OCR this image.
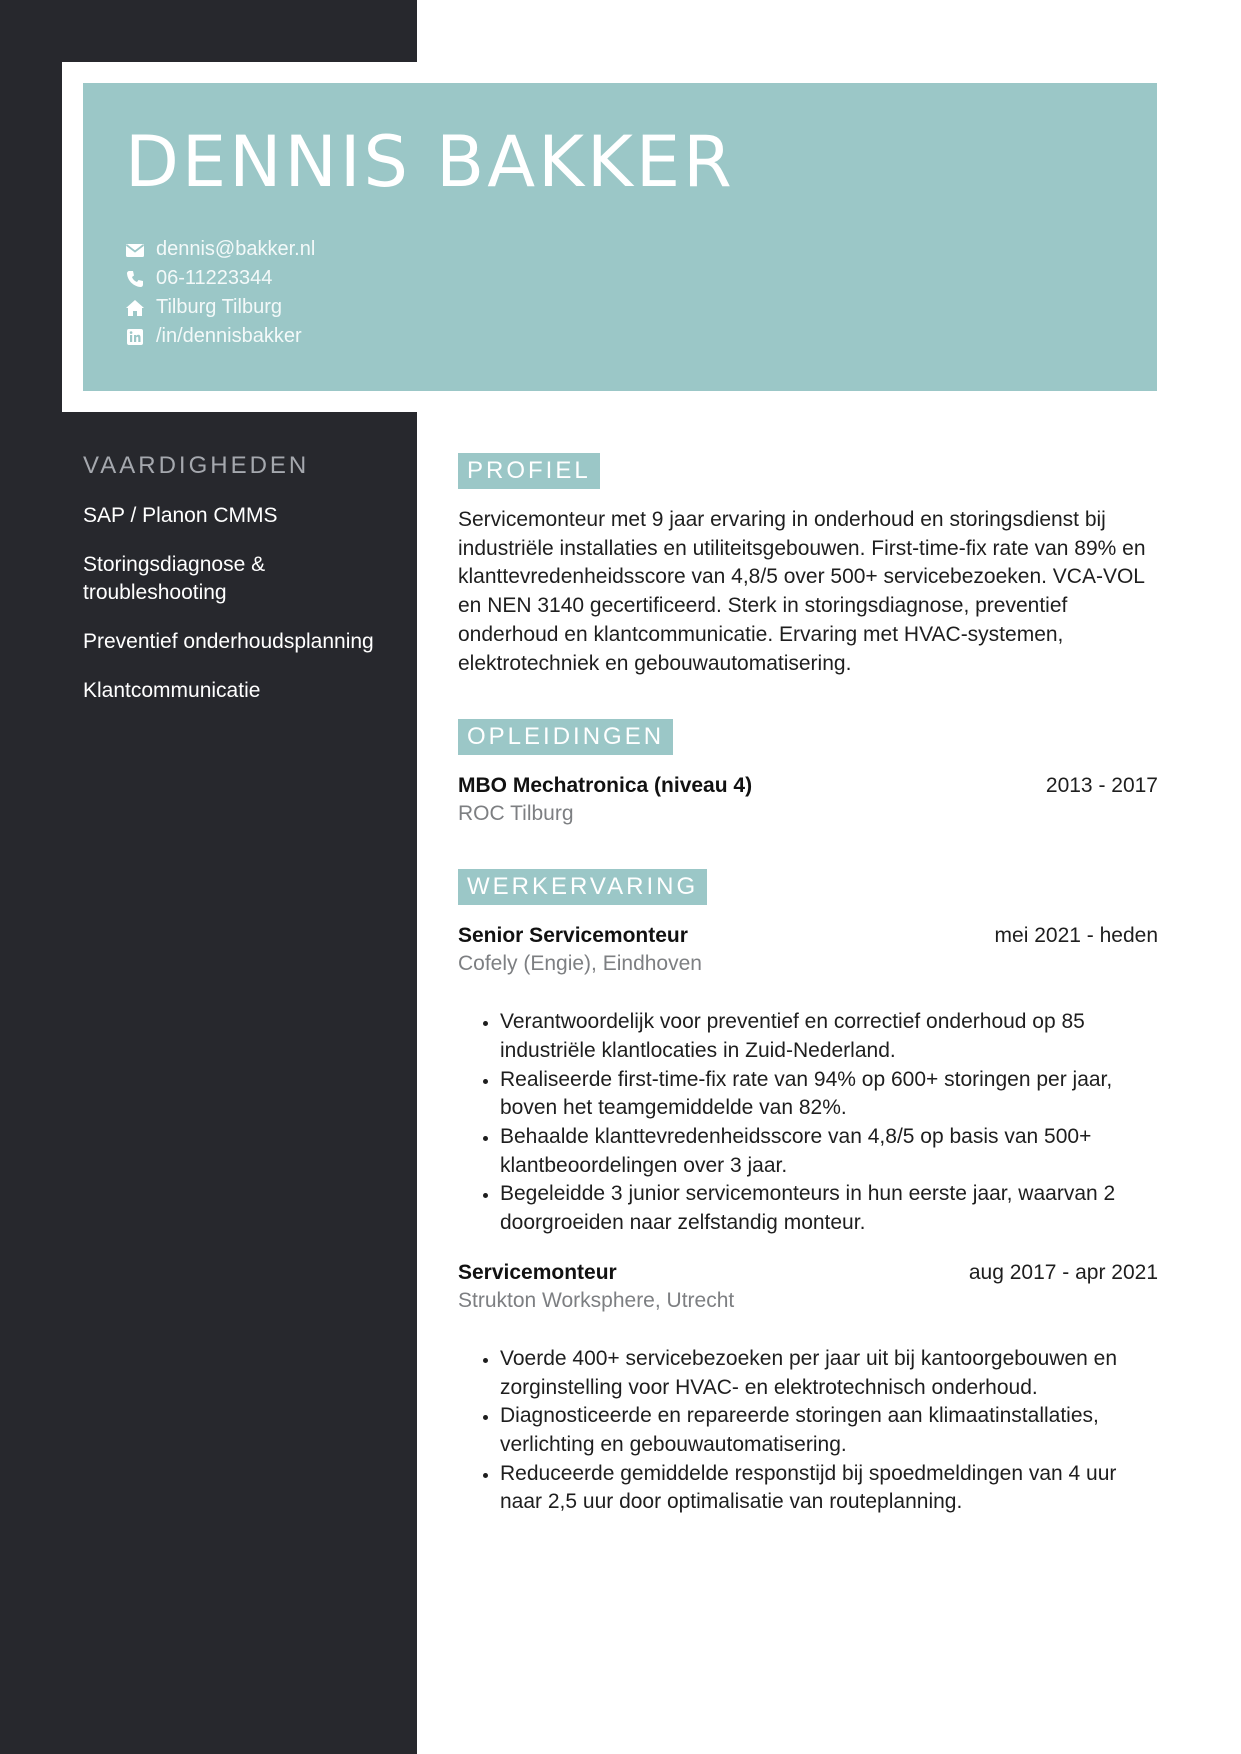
DENNIS BAKKER
dennis@bakker.nl
06-11223344
Tilburg Tilburg
/in/dennisbakker
VAARDIGHEDEN
SAP / Planon CMMS
Storingsdiagnose & troubleshooting
Preventief onderhoudsplanning
Klantcommunicatie
PROFIEL

Servicemonteur met 9 jaar ervaring in onderhoud en storingsdienst bij industriële installaties en utiliteitsgebouwen. First-time-fix rate van 89% en klanttevredenheidsscore van 4,8/5 over 500+ servicebezoeken. VCA-VOL en NEN 3140 gecertificeerd. Sterk in storingsdiagnose, preventief onderhoud en klantcommunicatie. Ervaring met HVAC-systemen, elektrotechniek en gebouwautomatisering.

OPLEIDINGEN
MBO Mechatronica (niveau 4)	2013 - 2017
ROC Tilburg
WERKERVARING
Senior Servicemonteur	mei 2021 - heden
Cofely (Engie), Eindhoven
• Verantwoordelijk voor preventief en correctief onderhoud op 85 industriële klantlocaties in Zuid-Nederland.
• Realiseerde first-time-fix rate van 94% op 600+ storingen per jaar, boven het teamgemiddelde van 82%.
• Behaalde klanttevredenheidsscore van 4,8/5 op basis van 500+ klantbeoordelingen over 3 jaar.
• Begeleidde 3 junior servicemonteurs in hun eerste jaar, waarvan 2 doorgroeiden naar zelfstandig monteur.
Servicemonteur	aug 2017 - apr 2021
Strukton Worksphere, Utrecht
• Voerde 400+ servicebezoeken per jaar uit bij kantoorgebouwen en zorginstelling voor HVAC- en elektrotechnisch onderhoud.
• Diagnosticeerde en repareerde storingen aan klimaatinstallaties, verlichting en gebouwautomatisering.
• Reduceerde gemiddelde responstijd bij spoedmeldingen van 4 uur naar 2,5 uur door optimalisatie van routeplanning.
